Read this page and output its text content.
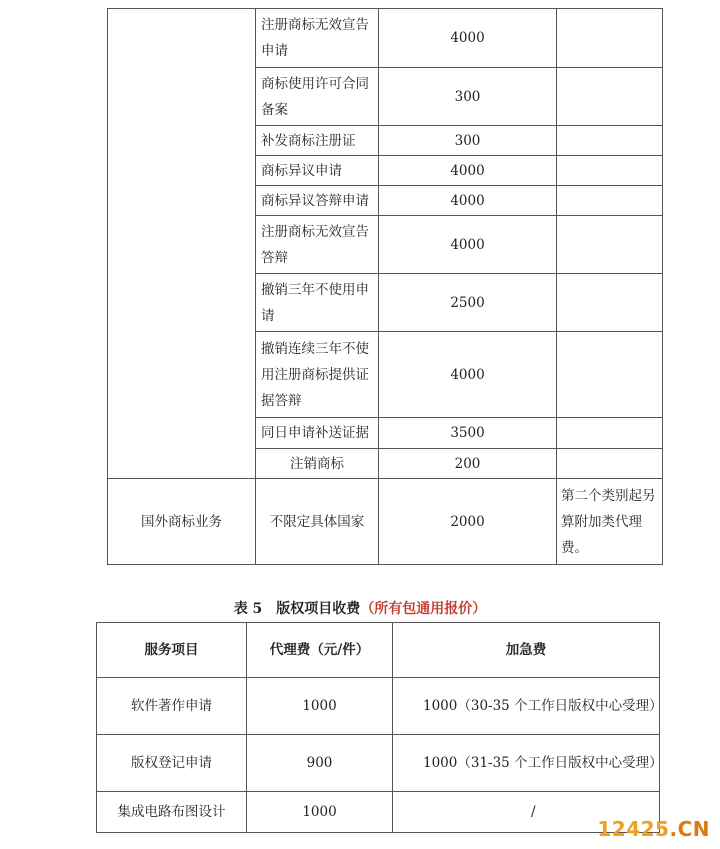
	注册商标无效宣告申请	4000	
	商标使用许可合同备案	300	
	补发商标注册证	300	
	商标异议申请	4000	
	商标异议答辩申请	4000	
	注册商标无效宣告答辩	4000	
	撤销三年不使用申请	2500	
	撤销连续三年不使用注册商标提供证据答辩	4000	
	同日申请补送证据	3500	
	注销商标	200	
国外商标业务	不限定具体国家	2000	第二个类别起另算附加类代理费。
表 5　版权项目收费（所有包通用报价）
服务项目	代理费（元/件）	加急费
软件著作申请	1000	1000（30-35 个工作日版权中心受理）
版权登记申请	900	1000（31-35 个工作日版权中心受理）
集成电路布图设计	1000	/
12425.CN
